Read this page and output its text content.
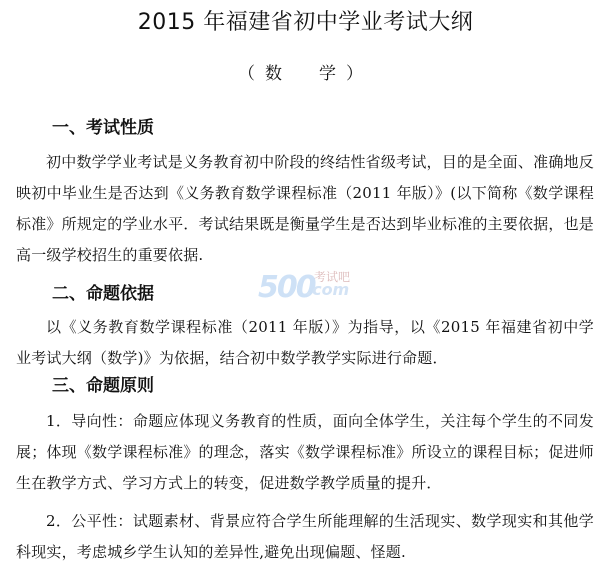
2015 年福建省初中学业考试大纲
（数　学）
一、考试性质
初中数学学业考试是义务教育初中阶段的终结性省级考试，目的是全面、准确地反映初中毕业生是否达到《义务教育数学课程标准（2011 年版）》(以下简称《数学课程标准》所规定的学业水平．考试结果既是衡量学生是否达到毕业标准的主要依据，也是高一级学校招生的重要依据.
500 考试吧
.com
二、命题依据
以《义务教育数学课程标准（2011 年版）》为指导，以《2015 年福建省初中学业考试大纲（数学)》为依据，结合初中数学教学实际进行命题．
三、命题原则
1．导向性：命题应体现义务教育的性质，面向全体学生，关注每个学生的不同发展；体现《数学课程标准》的理念，落实《数学课程标准》所设立的课程目标；促进师生在教学方式、学习方式上的转变，促进数学教学质量的提升．
2．公平性：试题素材、背景应符合学生所能理解的生活现实、数学现实和其他学科现实，考虑城乡学生认知的差异性,避免出现偏题、怪题.
